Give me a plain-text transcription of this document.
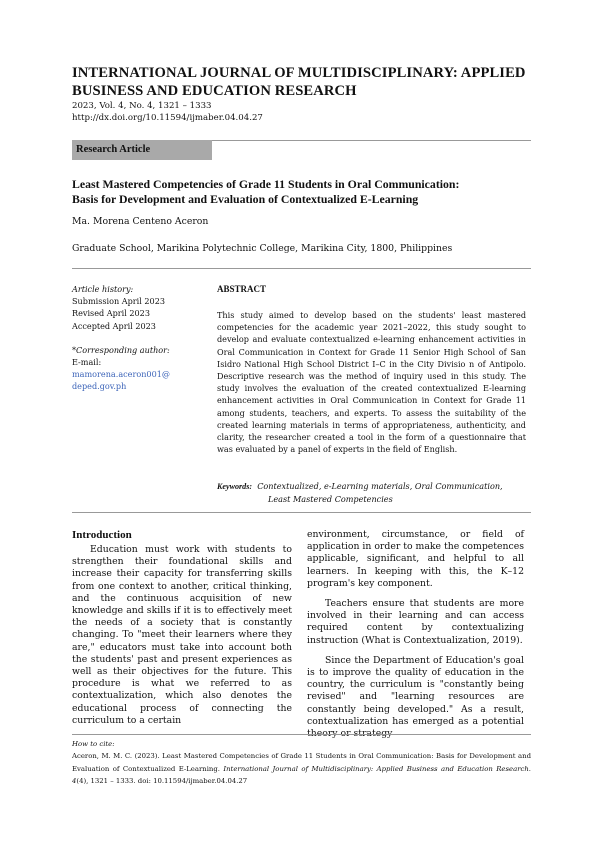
INTERNATIONAL JOURNAL OF MULTIDISCIPLINARY: APPLIED BUSINESS AND EDUCATION RESEARCH
2023, Vol. 4, No. 4, 1321 – 1333
http://dx.doi.org/10.11594/ijmaber.04.04.27
Research Article
Least Mastered Competencies of Grade 11 Students in Oral Communication:
Basis for Development and Evaluation of Contextualized E-Learning
Ma. Morena Centeno Aceron
Graduate School, Marikina Polytechnic College, Marikina City, 1800, Philippines
Article history:
Submission April 2023
Revised April 2023
Accepted April 2023
*Corresponding author:
E-mail:
mamorena.aceron001@
deped.gov.ph
ABSTRACT
This study aimed to develop based on the students' least mastered competencies for the academic year 2021–2022, this study sought to develop and evaluate contextualized e-learning enhancement activities in Oral Communication in Context for Grade 11 Senior High School of San Isidro National High School District I–C in the City Divisio n of Antipolo. Descriptive research was the method of inquiry used in this study. The study involves the evaluation of the created contextualized E-learning enhancement activities in Oral Communication in Context for Grade 11 among students, teachers, and experts. To assess the suitability of the created learning materials in terms of appropriateness, authenticity, and clarity, the researcher created a tool in the form of a questionnaire that was evaluated by a panel of experts in the field of English.
Keywords: Contextualized, e-Learning materials, Oral Communication,
Least Mastered Competencies
Introduction

Education must work with students to strengthen their foundational skills and increase their capacity for transferring skills from one context to another, critical thinking, and the continuous acquisition of new knowledge and skills if it is to effectively meet the needs of a society that is constantly changing. To "meet their learners where they are," educators must take into account both the students' past and present experiences as well as their objectives for the future. This procedure is what we referred to as contextualization, which also denotes the educational process of connecting the curriculum to a certain

environment, circumstance, or field of application in order to make the competences applicable, significant, and helpful to all learners. In keeping with this, the K–12 program's key component.

Teachers ensure that students are more involved in their learning and can access required content by contextualizing instruction (What is Contextualization, 2019).

Since the Department of Education's goal is to improve the quality of education in the country, the curriculum is "constantly being revised" and "learning resources are constantly being developed." As a result, contextualization has emerged as a potential

How to cite:
Aceron, M. M. C. (2023). Least Mastered Competencies of Grade 11 Students in Oral Communication: Basis for Development and Evaluation of Contextualized E-Learning. International Journal of Multidisciplinary: Applied Business and Education Research. 4(4), 1321 – 1333. doi: 10.11594/ijmaber.04.04.27
